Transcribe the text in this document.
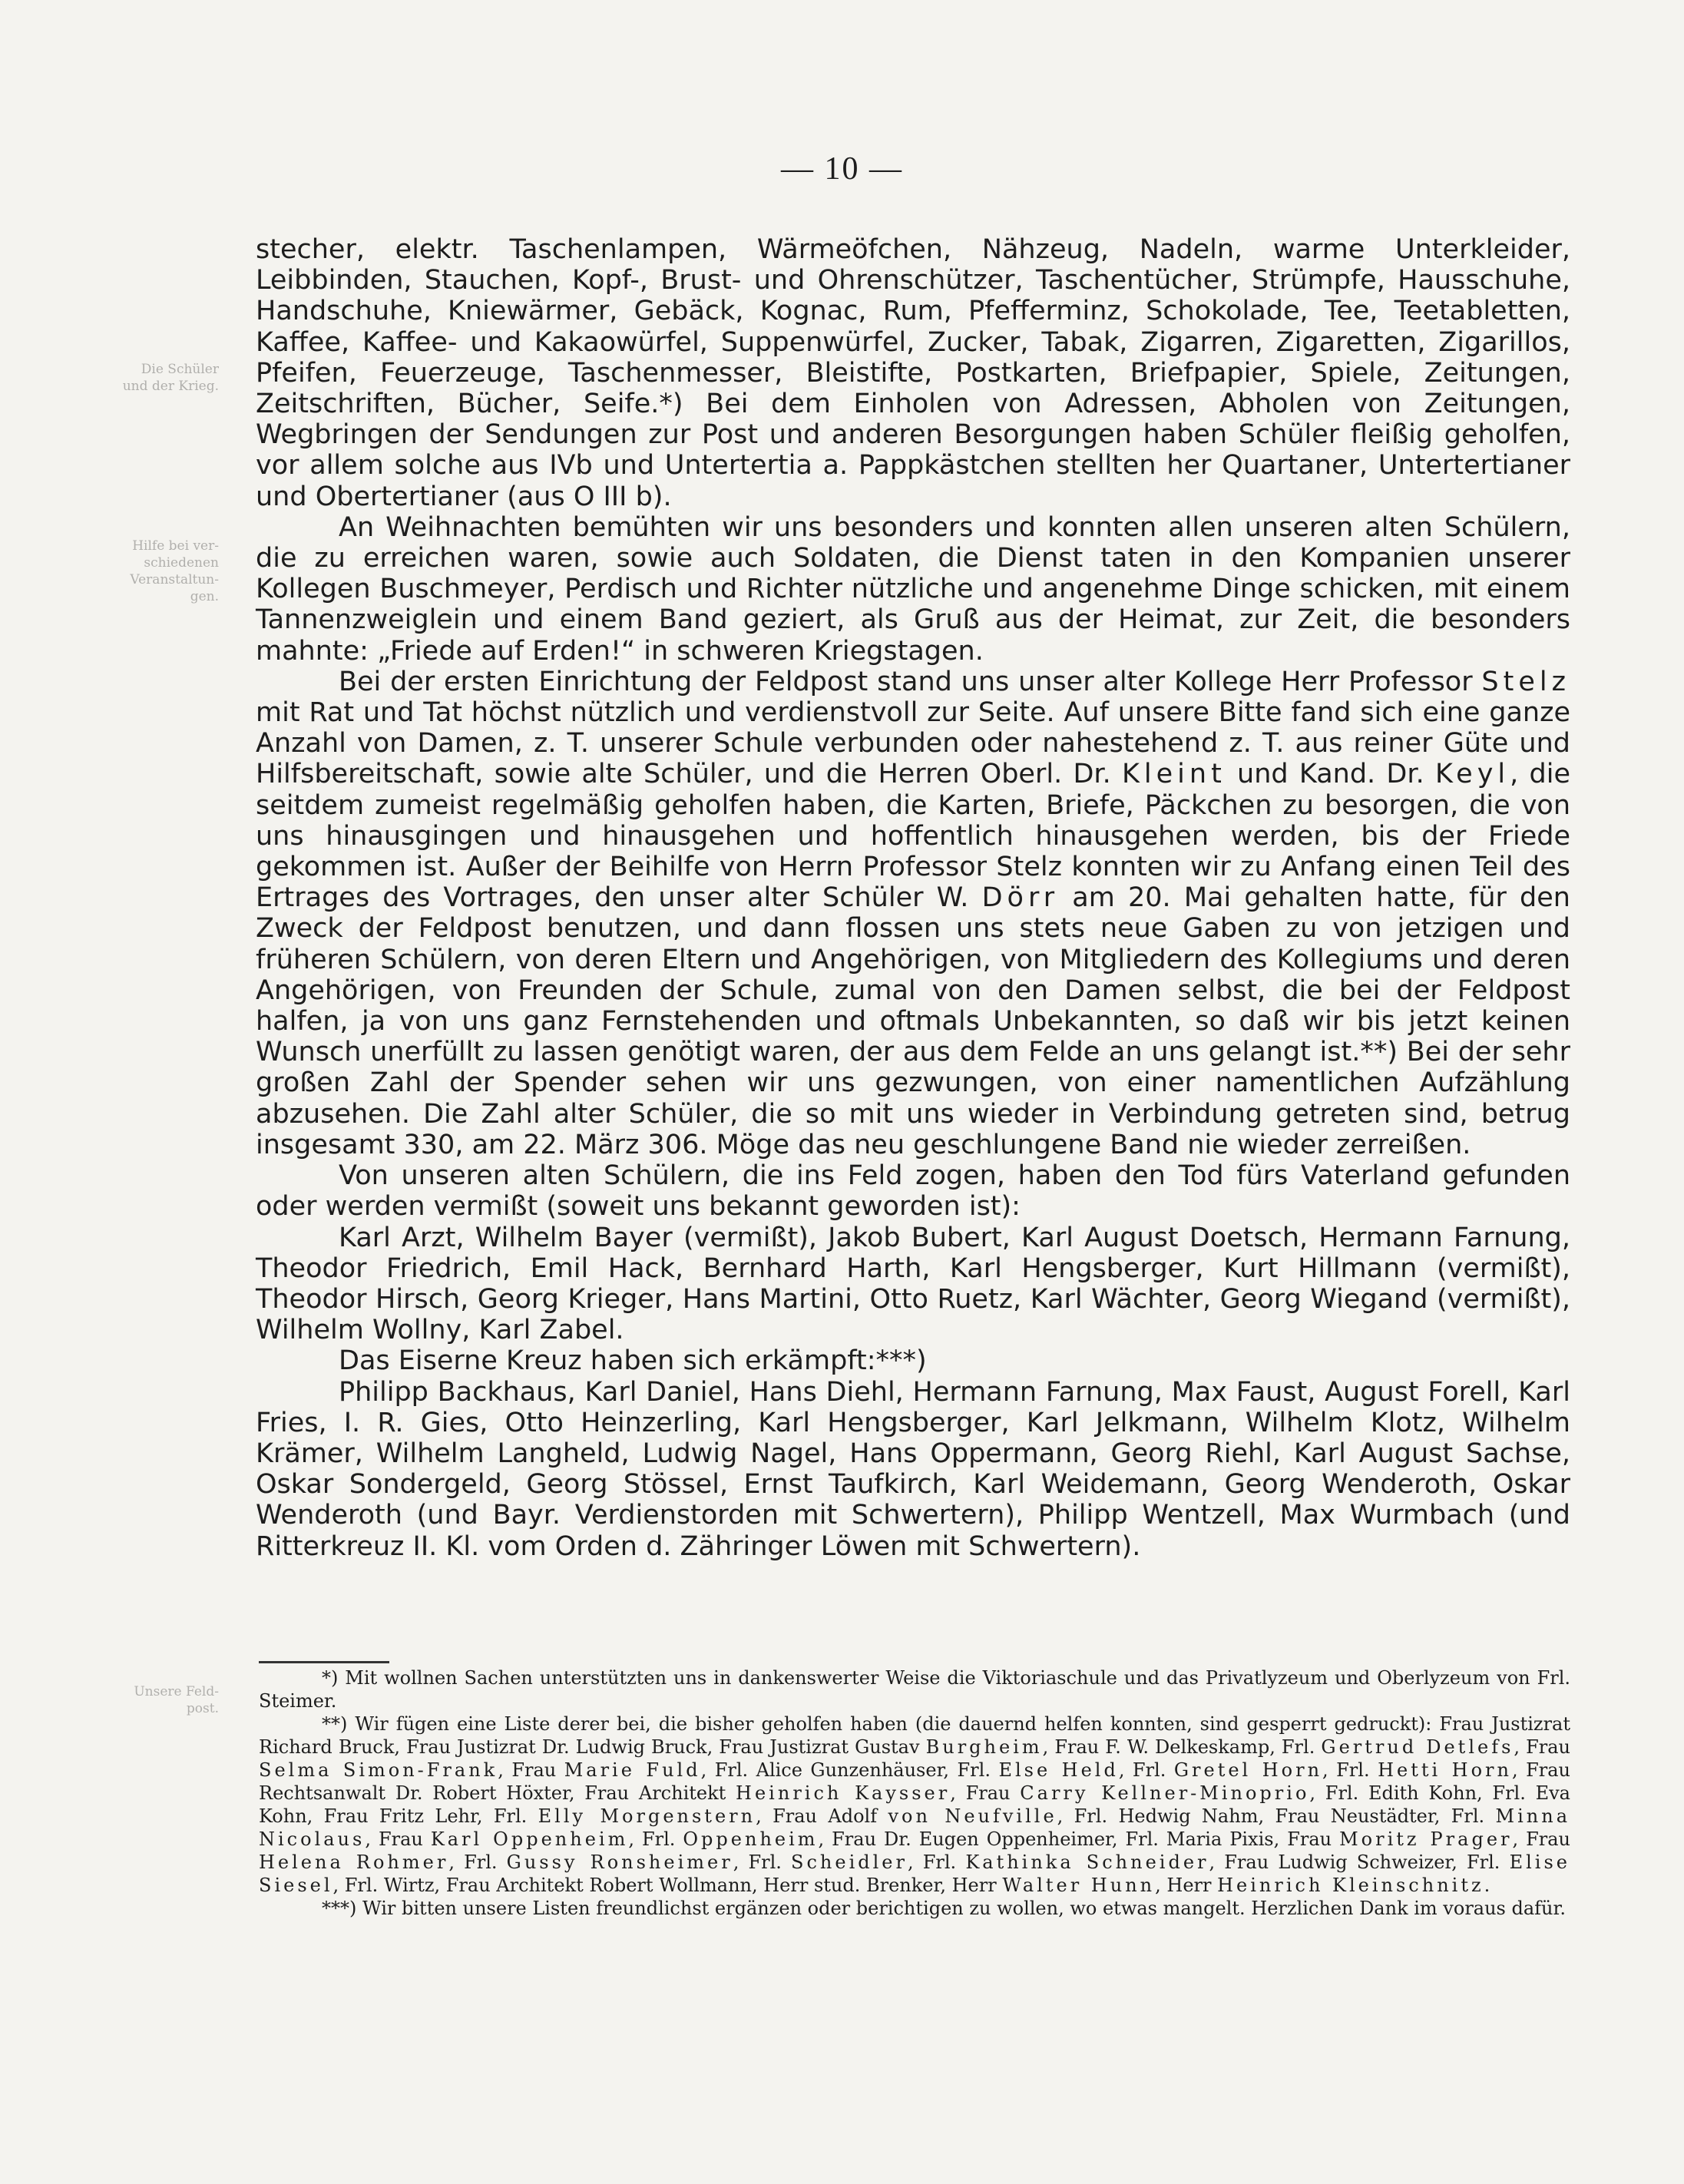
Die Schüler
und der Krieg.
Hilfe bei ver-
schiedenen
Veranstaltun-
gen.
Unsere Feld-
post.
— 10 —

stecher, elektr. Taschenlampen, Wärmeöfchen, Nähzeug, Nadeln, warme Unterkleider, Leibbinden, Stauchen, Kopf-, Brust- und Ohrenschützer, Taschentücher, Strümpfe, Hausschuhe, Handschuhe, Kniewärmer, Gebäck, Kognac, Rum, Pfefferminz, Schokolade, Tee, Teetabletten, Kaffee, Kaffee- und Kakaowürfel, Suppenwürfel, Zucker, Tabak, Zigarren, Zigaretten, Zigarillos, Pfeifen, Feuerzeuge, Taschenmesser, Bleistifte, Postkarten, Briefpapier, Spiele, Zeitungen, Zeitschriften, Bücher, Seife.*) Bei dem Einholen von Adressen, Abholen von Zeitungen, Wegbringen der Sendungen zur Post und anderen Besorgungen haben Schüler fleißig geholfen, vor allem solche aus IVb und Untertertia a. Pappkästchen stellten her Quartaner, Untertertianer und Obertertianer (aus O III b).

An Weihnachten bemühten wir uns besonders und konnten allen unseren alten Schülern, die zu erreichen waren, sowie auch Soldaten, die Dienst taten in den Kompanien unserer Kollegen Buschmeyer, Perdisch und Richter nützliche und angenehme Dinge schicken, mit einem Tannenzweiglein und einem Band geziert, als Gruß aus der Heimat, zur Zeit, die besonders mahnte: „Friede auf Erden!“ in schweren Kriegstagen.

Bei der ersten Einrichtung der Feldpost stand uns unser alter Kollege Herr Professor Stelz mit Rat und Tat höchst nützlich und verdienstvoll zur Seite. Auf unsere Bitte fand sich eine ganze Anzahl von Damen, z. T. unserer Schule verbunden oder nahestehend z. T. aus reiner Güte und Hilfsbereitschaft, sowie alte Schüler, und die Herren Oberl. Dr. Kleint und Kand. Dr. Keyl, die seitdem zumeist regelmäßig geholfen haben, die Karten, Briefe, Päckchen zu besorgen, die von uns hinausgingen und hinausgehen und hoffentlich hinausgehen werden, bis der Friede gekommen ist. Außer der Beihilfe von Herrn Professor Stelz konnten wir zu Anfang einen Teil des Ertrages des Vortrages, den unser alter Schüler W. Dörr am 20. Mai gehalten hatte, für den Zweck der Feldpost benutzen, und dann flossen uns stets neue Gaben zu von jetzigen und früheren Schülern, von deren Eltern und Angehörigen, von Mitgliedern des Kollegiums und deren Angehörigen, von Freunden der Schule, zumal von den Damen selbst, die bei der Feldpost halfen, ja von uns ganz Fernstehenden und oftmals Unbekannten, so daß wir bis jetzt keinen Wunsch unerfüllt zu lassen genötigt waren, der aus dem Felde an uns gelangt ist.**) Bei der sehr großen Zahl der Spender sehen wir uns gezwungen, von einer namentlichen Aufzählung abzusehen. Die Zahl alter Schüler, die so mit uns wieder in Verbindung getreten sind, betrug insgesamt 330, am 22. März 306. Möge das neu geschlungene Band nie wieder zerreißen.

Von unseren alten Schülern, die ins Feld zogen, haben den Tod fürs Vaterland gefunden oder werden vermißt (soweit uns bekannt geworden ist):

Karl Arzt, Wilhelm Bayer (vermißt), Jakob Bubert, Karl August Doetsch, Hermann Farnung, Theodor Friedrich, Emil Hack, Bernhard Harth, Karl Hengsberger, Kurt Hillmann (vermißt), Theodor Hirsch, Georg Krieger, Hans Martini, Otto Ruetz, Karl Wächter, Georg Wiegand (vermißt), Wilhelm Wollny, Karl Zabel.

Das Eiserne Kreuz haben sich erkämpft:***)

Philipp Backhaus, Karl Daniel, Hans Diehl, Hermann Farnung, Max Faust, August Forell, Karl Fries, I. R. Gies, Otto Heinzerling, Karl Hengsberger, Karl Jelkmann, Wilhelm Klotz, Wilhelm Krämer, Wilhelm Langheld, Ludwig Nagel, Hans Oppermann, Georg Riehl, Karl August Sachse, Oskar Sondergeld, Georg Stössel, Ernst Taufkirch, Karl Weidemann, Georg Wenderoth, Oskar Wenderoth (und Bayr. Verdienstorden mit Schwertern), Philipp Wentzell, Max Wurmbach (und Ritterkreuz II. Kl. vom Orden d. Zähringer Löwen mit Schwertern).

*) Mit wollnen Sachen unterstützten uns in dankenswerter Weise die Viktoriaschule und das Privatlyzeum und Oberlyzeum von Frl. Steimer.

**) Wir fügen eine Liste derer bei, die bisher geholfen haben (die dauernd helfen konnten, sind gesperrt gedruckt): Frau Justizrat Richard Bruck, Frau Justizrat Dr. Ludwig Bruck, Frau Justizrat Gustav Burgheim, Frau F. W. Delkeskamp, Frl. Gertrud Detlefs, Frau Selma Simon-Frank, Frau Marie Fuld, Frl. Alice Gunzenhäuser, Frl. Else Held, Frl. Gretel Horn, Frl. Hetti Horn, Frau Rechtsanwalt Dr. Robert Höxter, Frau Architekt Heinrich Kaysser, Frau Carry Kellner-Minoprio, Frl. Edith Kohn, Frl. Eva Kohn, Frau Fritz Lehr, Frl. Elly Morgenstern, Frau Adolf von Neufville, Frl. Hedwig Nahm, Frau Neustädter, Frl. Minna Nicolaus, Frau Karl Oppenheim, Frl. Oppenheim, Frau Dr. Eugen Oppenheimer, Frl. Maria Pixis, Frau Moritz Prager, Frau Helena Rohmer, Frl. Gussy Ronsheimer, Frl. Scheidler, Frl. Kathinka Schneider, Frau Ludwig Schweizer, Frl. Elise Siesel, Frl. Wirtz, Frau Architekt Robert Wollmann, Herr stud. Brenker, Herr Walter Hunn, Herr Heinrich Kleinschnitz.

***) Wir bitten unsere Listen freundlichst ergänzen oder berichtigen zu wollen, wo etwas mangelt. Herzlichen Dank im voraus dafür.
